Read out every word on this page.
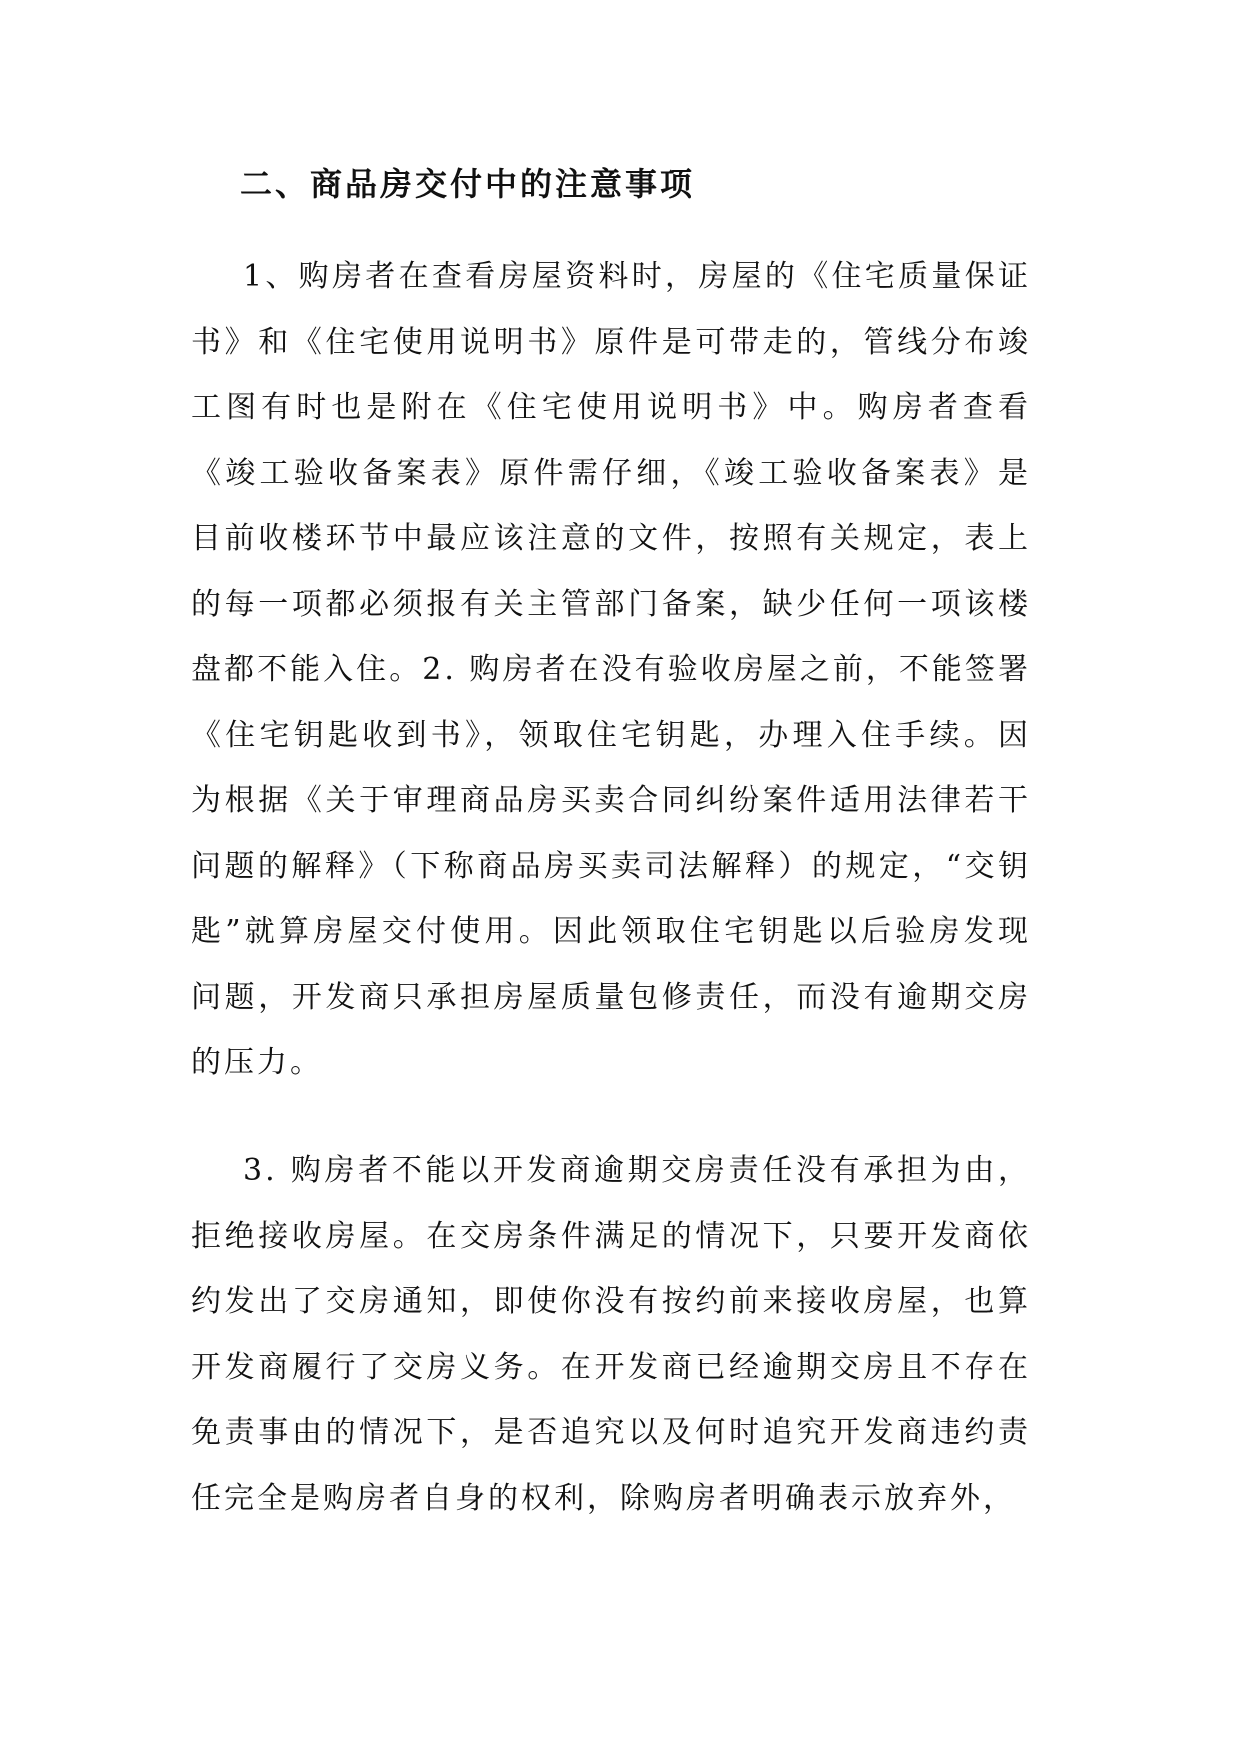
二、商品房交付中的注意事项

1、购房者在查看房屋资料时，房屋的《住宅质量保证书》和《住宅使用说明书》原件是可带走的，管线分布竣工图有时也是附在《住宅使用说明书》中。购房者查看《竣工验收备案表》原件需仔细，《竣工验收备案表》是目前收楼环节中最应该注意的文件，按照有关规定，表上的每一项都必须报有关主管部门备案，缺少任何一项该楼盘都不能入住。2. 购房者在没有验收房屋之前，不能签署《住宅钥匙收到书》，领取住宅钥匙，办理入住手续。因为根据《关于审理商品房买卖合同纠纷案件适用法律若干问题的解释》（下称商品房买卖司法解释）的规定，“交钥匙”就算房屋交付使用。因此领取住宅钥匙以后验房发现问题，开发商只承担房屋质量包修责任，而没有逾期交房的压力。

3. 购房者不能以开发商逾期交房责任没有承担为由，拒绝接收房屋。在交房条件满足的情况下，只要开发商依约发出了交房通知，即使你没有按约前来接收房屋，也算开发商履行了交房义务。在开发商已经逾期交房且不存在免责事由的情况下，是否追究以及何时追究开发商违约责任完全是购房者自身的权利，除购房者明确表示放弃外，
